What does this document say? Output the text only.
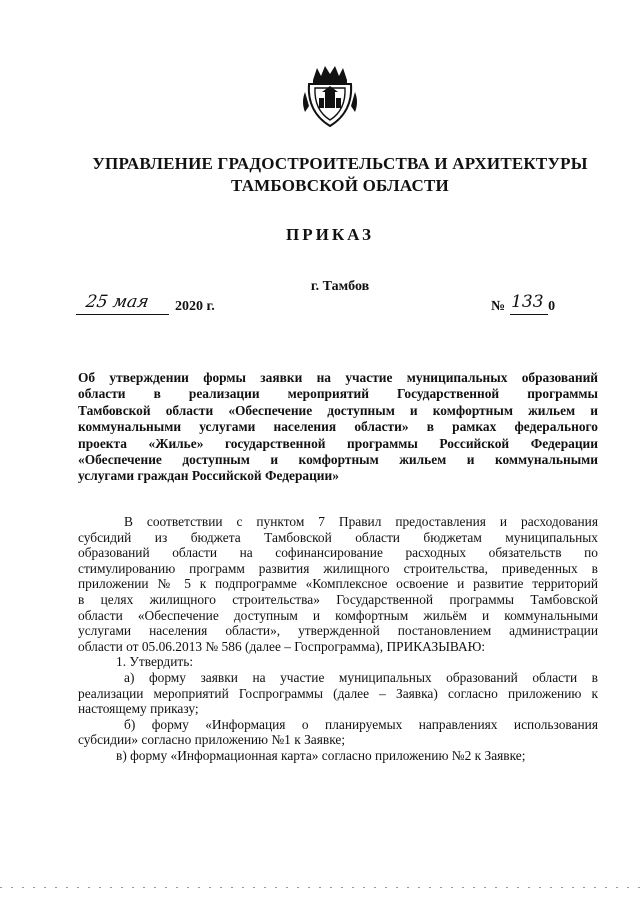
УПРАВЛЕНИЕ ГРАДОСТРОИТЕЛЬСТВА И АРХИТЕКТУРЫ
ТАМБОВСКОЙ ОБЛАСТИ
ПРИКАЗ
г. Тамбов
25 мая 2020 г.	№ 133 0
Об утверждении формы заявки на участие муниципальных образований
области в реализации мероприятий Государственной программы
Тамбовской области «Обеспечение доступным и комфортным жильем и
коммунальными услугами населения области» в рамках федерального
проекта «Жилье» государственной программы Российской Федерации
«Обеспечение доступным и комфортным жильем и коммунальными
услугами граждан Российской Федерации»
В соответствии с пунктом 7 Правил предоставления и расходования
субсидий из бюджета Тамбовской области бюджетам муниципальных
образований области на софинансирование расходных обязательств по
стимулированию программ развития жилищного строительства, приведенных в
приложении № 5 к подпрограмме «Комплексное освоение и развитие территорий
в целях жилищного строительства» Государственной программы Тамбовской
области «Обеспечение доступным и комфортным жильём и коммунальными
услугами населения области», утвержденной постановлением администрации
области от 05.06.2013 № 586 (далее – Госпрограмма), ПРИКАЗЫВАЮ:
1. Утвердить:
а) форму заявки на участие муниципальных образований области в
реализации мероприятий Госпрограммы (далее – Заявка) согласно приложению к
настоящему приказу;
б) форму «Информация о планируемых направлениях использования
субсидии» согласно приложению №1 к Заявке;
в) форму «Информационная карта» согласно приложению №2 к Заявке;
